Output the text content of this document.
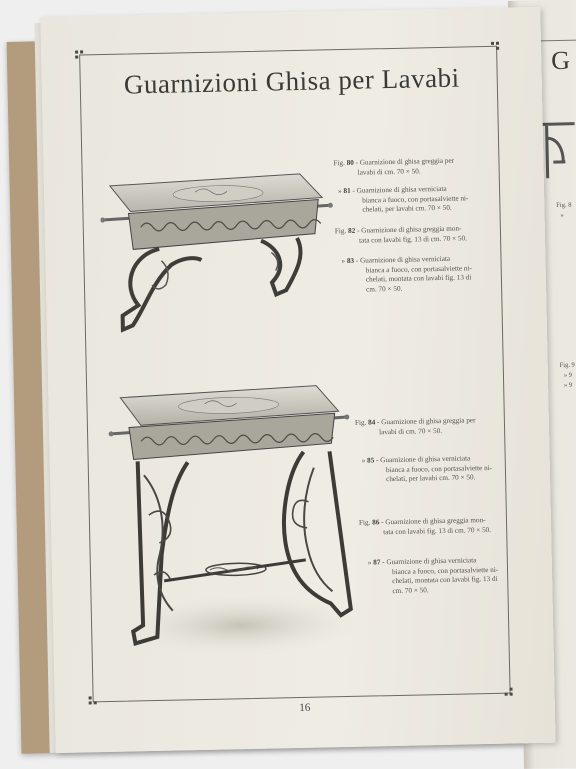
G
Fig. 8
»
Fig. 9
» 9
» 9
Guarnizioni Ghisa per Lavabi
Fig. 80 - Guarnizione di ghisa greggia per
lavabi di cm. 70 × 50.
» 81 - Guarnizione di ghisa verniciata
bianca a fuoco, con portasalviette ni-
chelati, per lavabi cm. 70 × 50.
Fig. 82 - Guarnizione di ghisa greggia mon-
tata con lavabi fig. 13 di cm. 70 × 50.
» 83 - Guarnizione di ghisa verniciata
bianca a fuoco, con portasalviette ni-
chelati, montata con lavabi fig. 13 di
cm. 70 × 50.
Fig. 84 - Guarnizione di ghisa greggia per
lavabi di cm. 70 × 50.
» 85 - Guarnizione di ghisa verniciata
bianca a fuoco, con portasalviette ni-
chelati, per lavabi cm. 70 × 50.
Fig. 86 - Guarnizione di ghisa greggia mon-
tata con lavabi fig. 13 di cm. 70 × 50.
» 87 - Guarnizione di ghisa verniciata
bianca a fuoco, con portasalviette ni-
chelati, montata con lavabi fig. 13 di
cm. 70 × 50.
16
